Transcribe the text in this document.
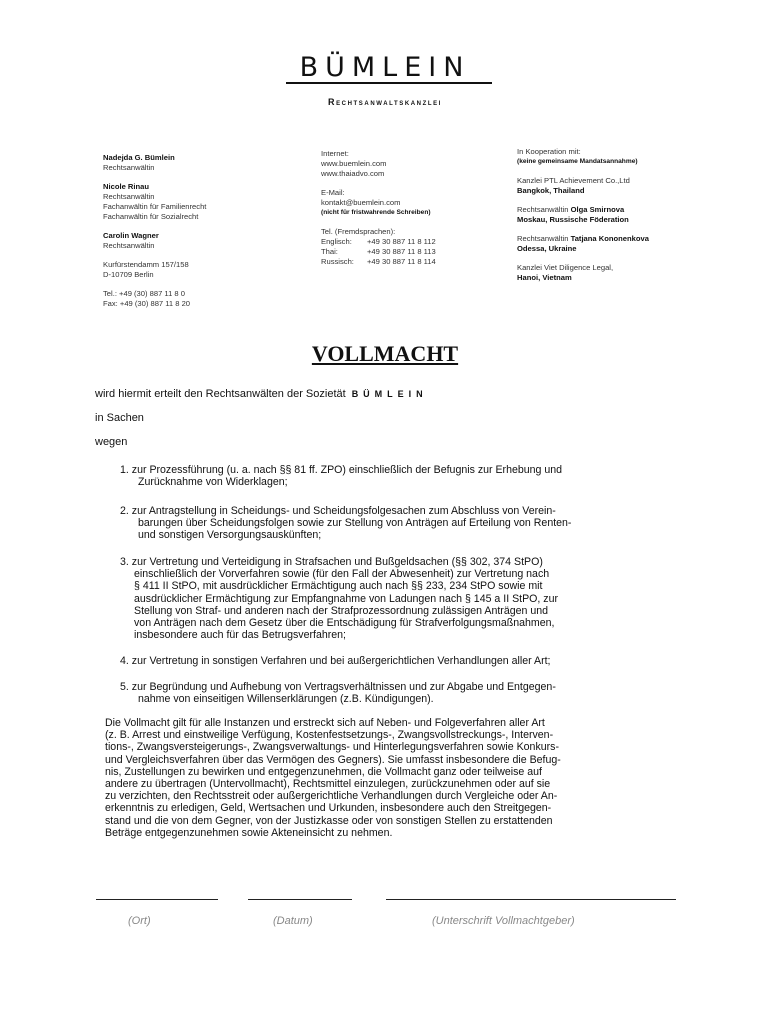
BÜMLEIN
Rechtsanwaltskanzlei
Nadejda G. Bümlein
Rechtsanwältin
Nicole Rinau
Rechtsanwältin
Fachanwältin für Familienrecht
Fachanwältin für Sozialrecht
Carolin Wagner
Rechtsanwältin
Kurfürstendamm 157/158
D-10709 Berlin
Tel.: +49 (30) 887 11 8 0
Fax: +49 (30) 887 11 8 20
Internet:
www.buemlein.com
www.thaiadvo.com
E-Mail:
kontakt@buemlein.com
(nicht für fristwahrende Schreiben)
Tel. (Fremdsprachen):
Englisch: +49 30 887 11 8 112
Thai:	+49 30 887 11 8 113
Russisch: +49 30 887 11 8 114
In Kooperation mit:
(keine gemeinsame Mandatsannahme)
Kanzlei PTL Achievement Co.,Ltd
Bangkok, Thailand
Rechtsanwältin Olga Smirnova
Moskau, Russische Föderation
Rechtsanwältin Tatjana Kononenkova
Odessa, Ukraine
Kanzlei Viet Diligence Legal,
Hanoi, Vietnam
VOLLMACHT
wird hiermit erteilt den Rechtsanwälten der Sozietät BÜMLEIN
in Sachen
wegen
1. zur Prozessführung (u. a. nach §§ 81 ff. ZPO) einschließlich der Befugnis zur Erhebung und
Zurücknahme von Widerklagen;
2. zur Antragstellung in Scheidungs- und Scheidungsfolgesachen zum Abschluss von Verein-
barungen über Scheidungsfolgen sowie zur Stellung von Anträgen auf Erteilung von Renten-
und sonstigen Versorgungsauskünften;
3. zur Vertretung und Verteidigung in Strafsachen und Bußgeldsachen (§§ 302, 374 StPO)
einschließlich der Vorverfahren sowie (für den Fall der Abwesenheit) zur Vertretung nach
§ 411 II StPO, mit ausdrücklicher Ermächtigung auch nach §§ 233, 234 StPO sowie mit
ausdrücklicher Ermächtigung zur Empfangnahme von Ladungen nach § 145 a II StPO, zur
Stellung von Straf- und anderen nach der Strafprozessordnung zulässigen Anträgen und
von Anträgen nach dem Gesetz über die Entschädigung für Strafverfolgungsmaßnahmen,
insbesondere auch für das Betrugsverfahren;
4. zur Vertretung in sonstigen Verfahren und bei außergerichtlichen Verhandlungen aller Art;
5. zur Begründung und Aufhebung von Vertragsverhältnissen und zur Abgabe und Entgegen-
nahme von einseitigen Willenserklärungen (z.B. Kündigungen).
Die Vollmacht gilt für alle Instanzen und erstreckt sich auf Neben- und Folgeverfahren aller Art
(z. B. Arrest und einstweilige Verfügung, Kostenfestsetzungs-, Zwangsvollstreckungs-, Interven-
tions-, Zwangsversteigerungs-, Zwangsverwaltungs- und Hinterlegungsverfahren sowie Konkurs-
und Vergleichsverfahren über das Vermögen des Gegners). Sie umfasst insbesondere die Befug-
nis, Zustellungen zu bewirken und entgegenzunehmen, die Vollmacht ganz oder teilweise auf
andere zu übertragen (Untervollmacht), Rechtsmittel einzulegen, zurückzunehmen oder auf sie
zu verzichten, den Rechtsstreit oder außergerichtliche Verhandlungen durch Vergleiche oder An-
erkenntnis zu erledigen, Geld, Wertsachen und Urkunden, insbesondere auch den Streitgegen-
stand und die von dem Gegner, von der Justizkasse oder von sonstigen Stellen zu erstattenden
Beträge entgegenzunehmen sowie Akteneinsicht zu nehmen.
(Ort)	(Datum)	(Unterschrift Vollmachtgeber)
